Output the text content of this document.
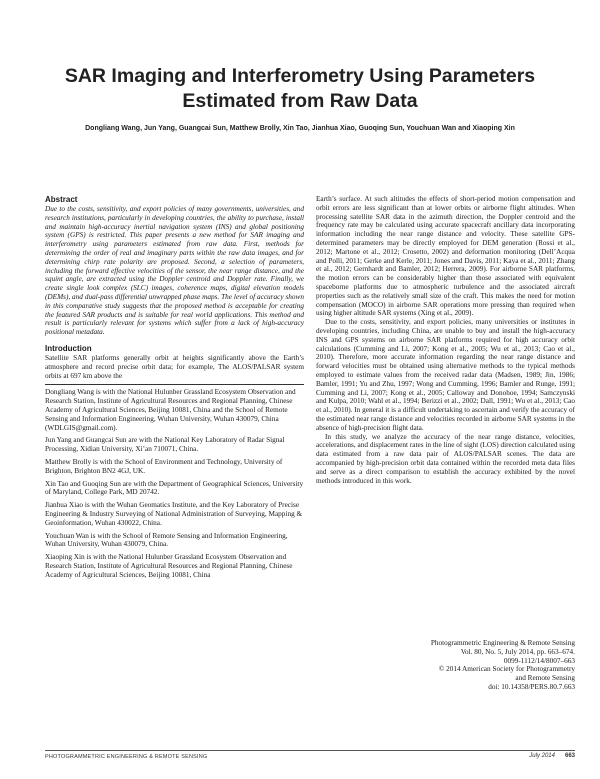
SAR Imaging and Interferometry Using Parameters Estimated from Raw Data
Dongliang Wang, Jun Yang, Guangcai Sun, Matthew Brolly, Xin Tao, Jianhua Xiao, Guoqing Sun, Youchuan Wan and Xiaoping Xin
Abstract

Due to the costs, sensitivity, and export policies of many governments, universities, and research institutions, particularly in developing countries, the ability to purchase, install and maintain high-accuracy inertial navigation system (INS) and global positioning system (GPS) is restricted. This paper presents a new method for SAR imaging and interferometry using parameters estimated from raw data. First, methods for determining the order of real and imaginary parts within the raw data images, and for determining chirp rate polarity are proposed. Second, a selection of parameters, including the forward effective velocities of the sensor, the near range distance, and the squint angle, are extracted using the Doppler centroid and Doppler rate. Finally, we create single look complex (SLC) images, coherence maps, digital elevation models (DEMs), and dual-pass differential unwrapped phase maps. The level of accuracy shown in this comparative study suggests that the proposed method is acceptable for creating the featured SAR products and is suitable for real world applications. This method and result is particularly relevant for systems which suffer from a lack of high-accuracy positional metadata.

Introduction

Satellite SAR platforms generally orbit at heights significantly above the Earth’s atmosphere and record precise orbit data; for example, The ALOS/PALSAR system orbits at 697 km above the

Dongliang Wang is with the National Hulunber Grassland Ecosystem Observation and Research Station, Institute of Agricultural Resources and Regional Planning, Chinese Academy of Agricultural Sciences, Beijing 10081, China and the School of Remote Sensing and Information Engineering, Wuhan University, Wuhan 430079, China (WDLGIS@gmail.com).

Jun Yang and Guangcai Sun are with the National Key Laboratory of Radar Signal Processing, Xidian University, Xi’an 710071, China.

Matthew Brolly is with the School of Environment and Technology, University of Brighton, Brighton BN2 4GJ, UK.

Xin Tao and Guoqing Sun are with the Department of Geographical Sciences, University of Maryland, College Park, MD 20742.

Jianhua Xiao is with the Wuhan Geomatics Institute, and the Key Laboratory of Precise Engineering & Industry Surveying of National Administration of Surveying, Mapping & Geoinformation, Wuhan 430022, China.

Youchuan Wan is with the School of Remote Sensing and Information Engineering, Wuhan University, Wuhan 430079, China.

Xiaoping Xin is with the National Hulunber Grassland Ecosystem Observation and Research Station, Institute of Agricultural Resources and Regional Planning, Chinese Academy of Agricultural Sciences, Beijing 10081, China

Earth’s surface. At such altitudes the effects of short-period motion compensation and orbit errors are less significant than at lower orbits or airborne flight altitudes. When processing satellite SAR data in the azimuth direction, the Doppler centroid and the frequency rate may be calculated using accurate spacecraft ancillary data incorporating information including the near range distance and velocity. These satellite GPS-determined parameters may be directly employed for DEM generation (Rossi et al., 2012; Martone et al., 2012; Crosetto, 2002) and deformation monitoring (Dell’Acqua and Polli, 2011; Gerke and Kerle, 2011; Jones and Davis, 2011; Kaya et al., 2011; Zhang et al., 2012; Gernhardt and Bamler, 2012; Herrera, 2009). For airborne SAR platforms, the motion errors can be considerably higher than those associated with equivalent spaceborne platforms due to atmospheric turbulence and the associated aircraft properties such as the relatively small size of the craft. This makes the need for motion compensation (MOCO) in airborne SAR operations more pressing than required when using higher altitude SAR systems (Xing et al., 2009).

Due to the costs, sensitivity, and export policies, many universities or institutes in developing countries, including China, are unable to buy and install the high-accuracy INS and GPS systems on airborne SAR platforms required for high accuracy orbit calculations (Cumming and Li, 2007; Kong et al., 2005; Wu et al., 2013; Cao et al., 2010). Therefore, more accurate information regarding the near range distance and forward velocities must be obtained using alternative methods to the typical methods employed to estimate values from the received radar data (Madsen, 1989; Jin, 1986; Bamler, 1991; Yu and Zhu, 1997; Wong and Cumming, 1996; Bamler and Runge, 1991; Cumming and Li, 2007; Kong et al., 2005; Calloway and Donohoe, 1994; Samczynski and Kulpa, 2010; Wahl et al., 1994; Berizzi et al., 2002; Dall, 1991; Wu et al., 2013; Cao et al., 2010). In general it is a difficult undertaking to ascertain and verify the accuracy of the estimated near range distance and velocities recorded in airborne SAR systems in the absence of high-precision flight data.

In this study, we analyze the accuracy of the near range distance, velocities, accelerations, and displacement rates in the line of sight (LOS) direction calculated using data estimated from a raw data pair of ALOS/PALSAR scenes. The data are accompanied by high-precision orbit data contained within the recorded meta data files and serve as a direct comparison to establish the accuracy exhibited by the novel methods introduced in this work.

Photogrammetric Engineering & Remote Sensing
Vol. 80, No. 5, July 2014, pp. 663–674.
0099-1112/14/8007–663
© 2014 American Society for Photogrammetry
and Remote Sensing
doi: 10.14358/PERS.80.7.663
PHOTOGRAMMETRIC ENGINEERING & REMOTE SENSING	July 2014 663
